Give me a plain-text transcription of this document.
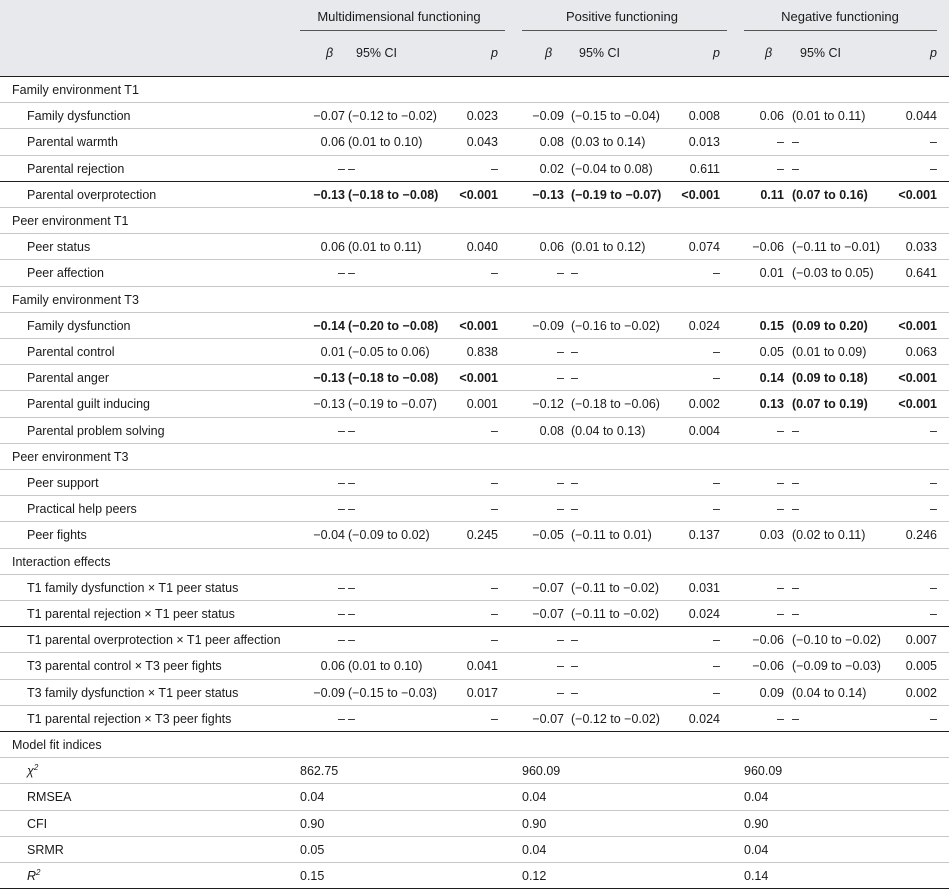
Multidimensional functioning
β 95% CI	p
Positive functioning
β 95% CI	p
Negative functioning
β 95% CI	p
Family environment T1
Family dysfunction	−0.07 (−0.12 to −0.02)	0.023	−0.09 (−0.15 to −0.04)	0.008	0.06 (0.01 to 0.11)	0.044
Parental warmth	0.06 (0.01 to 0.10)	0.043	0.08 (0.03 to 0.14)	0.013	– –	–
Parental rejection	– –	–	0.02 (−0.04 to 0.08)	0.611	– –	–
Parental overprotection	−0.13 (−0.18 to −0.08)	<0.001	−0.13 (−0.19 to −0.07)	<0.001	0.11 (0.07 to 0.16)	<0.001
Peer environment T1
Peer status	0.06 (0.01 to 0.11)	0.040	0.06 (0.01 to 0.12)	0.074	−0.06 (−0.11 to −0.01)	0.033
Peer affection	– –	–	– –	–	0.01 (−0.03 to 0.05)	0.641
Family environment T3
Family dysfunction	−0.14 (−0.20 to −0.08)	<0.001	−0.09 (−0.16 to −0.02)	0.024	0.15 (0.09 to 0.20)	<0.001
Parental control	0.01 (−0.05 to 0.06)	0.838	– –	–	0.05 (0.01 to 0.09)	0.063
Parental anger	−0.13 (−0.18 to −0.08)	<0.001	– –	–	0.14 (0.09 to 0.18)	<0.001
Parental guilt inducing	−0.13 (−0.19 to −0.07)	0.001	−0.12 (−0.18 to −0.06)	0.002	0.13 (0.07 to 0.19)	<0.001
Parental problem solving	– –	–	0.08 (0.04 to 0.13)	0.004	– –	–
Peer environment T3
Peer support	– –	–	– –	–	– –	–
Practical help peers	– –	–	– –	–	– –	–
Peer fights	−0.04 (−0.09 to 0.02)	0.245	−0.05 (−0.11 to 0.01)	0.137	0.03 (0.02 to 0.11)	0.246
Interaction effects
T1 family dysfunction × T1 peer status	– –	–	−0.07 (−0.11 to −0.02)	0.031	– –	–
T1 parental rejection × T1 peer status	– –	–	−0.07 (−0.11 to −0.02)	0.024	– –	–
T1 parental overprotection × T1 peer affection	– –	–	– –	–	−0.06 (−0.10 to −0.02)	0.007
T3 parental control × T3 peer fights	0.06 (0.01 to 0.10)	0.041	– –	–	−0.06 (−0.09 to −0.03)	0.005
T3 family dysfunction × T1 peer status	−0.09 (−0.15 to −0.03)	0.017	– –	–	0.09 (0.04 to 0.14)	0.002
T1 parental rejection × T3 peer fights	– –	–	−0.07 (−0.12 to −0.02)	0.024	– –	–
Model fit indices
$\chi^2$	862.75	960.09	960.09
RMSEA	0.04	0.04	0.04
CFI	0.90	0.90	0.90
SRMR	0.05	0.04	0.04
$R^2$	0.15	0.12	0.14
